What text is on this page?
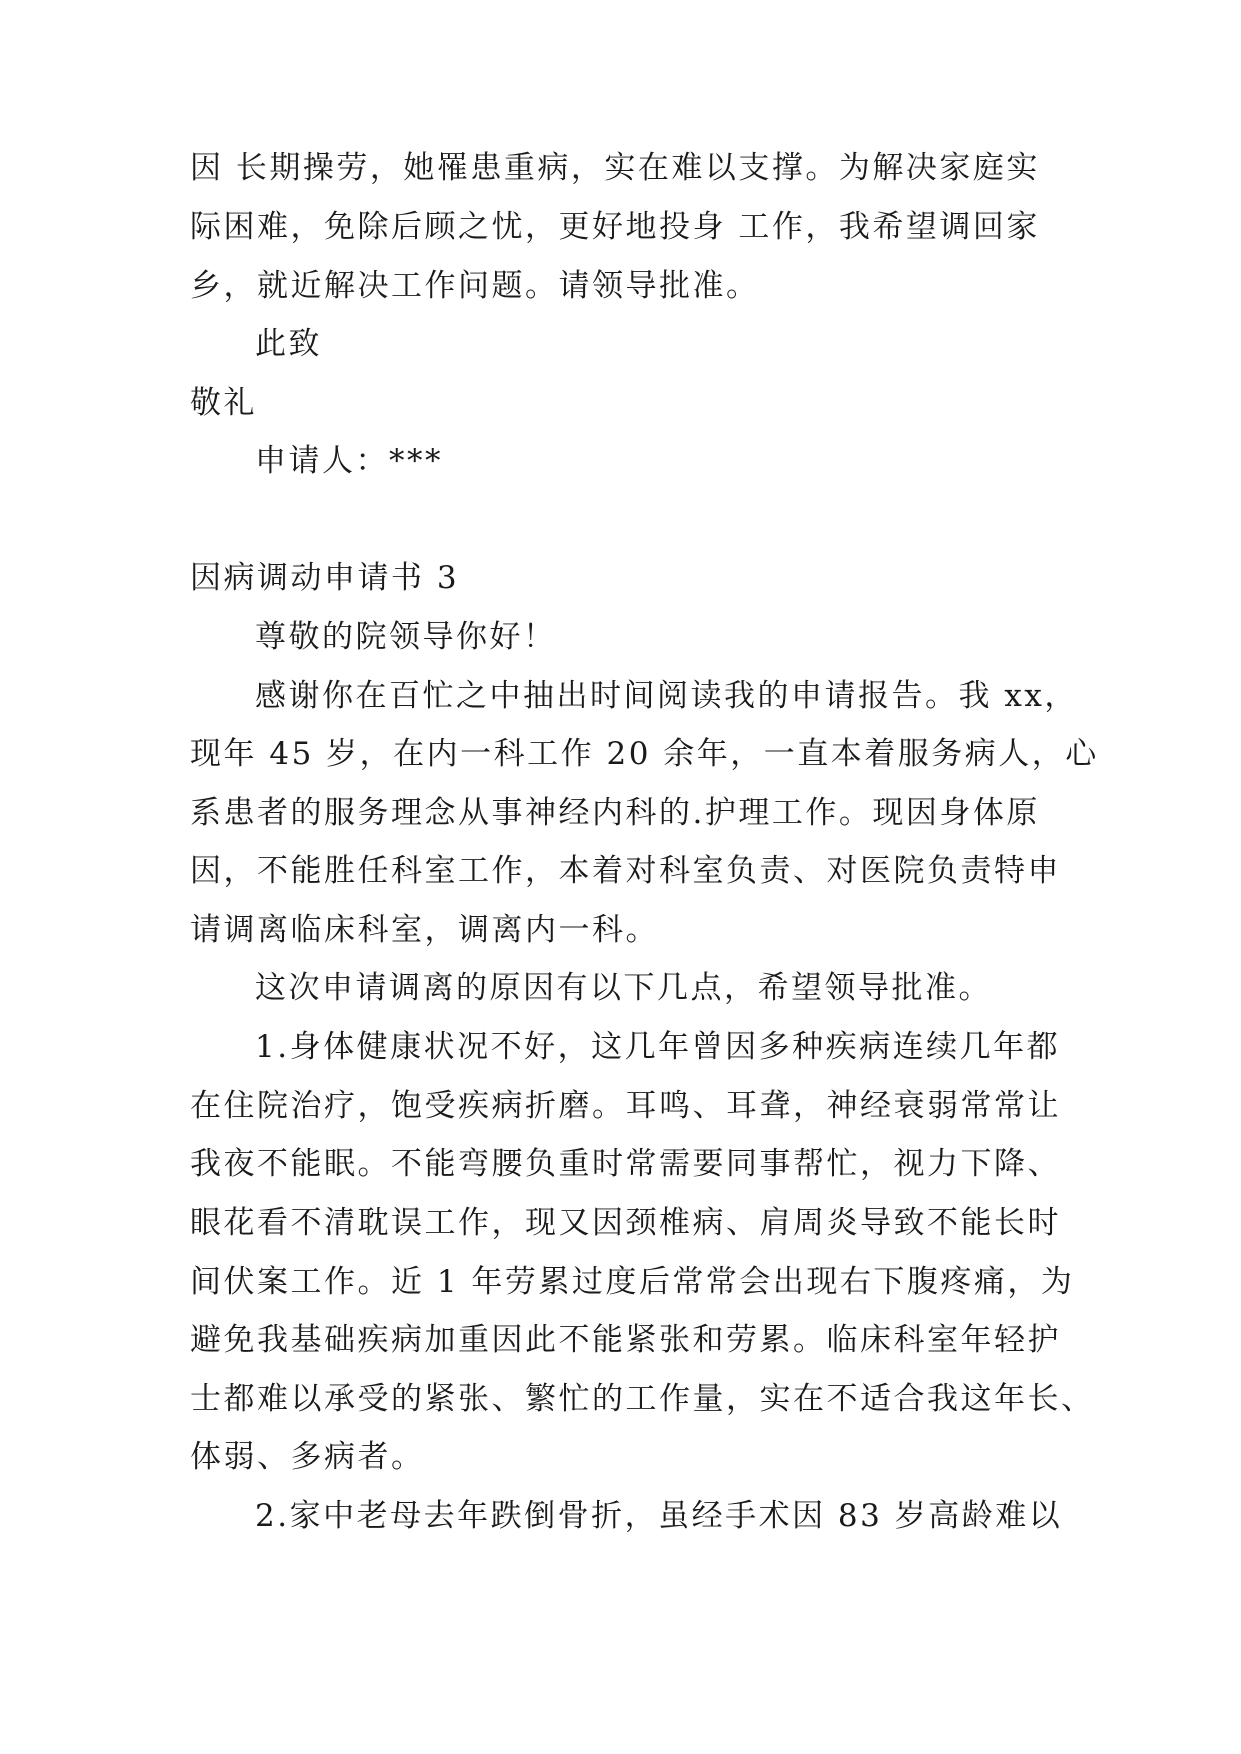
因 长期操劳，她罹患重病，实在难以支撑。为解决家庭实
际困难，免除后顾之忧，更好地投身 工作，我希望调回家
乡，就近解决工作问题。请领导批准。
此致
敬礼
申请人：***
因病调动申请书 3
尊敬的院领导你好！
感谢你在百忙之中抽出时间阅读我的申请报告。我 xx，
现年 45 岁，在内一科工作 20 余年，一直本着服务病人，心
系患者的服务理念从事神经内科的.护理工作。现因身体原
因，不能胜任科室工作，本着对科室负责、对医院负责特申
请调离临床科室，调离内一科。
这次申请调离的原因有以下几点，希望领导批准。
1.身体健康状况不好，这几年曾因多种疾病连续几年都
在住院治疗，饱受疾病折磨。耳鸣、耳聋，神经衰弱常常让
我夜不能眠。不能弯腰负重时常需要同事帮忙，视力下降、
眼花看不清耽误工作，现又因颈椎病、肩周炎导致不能长时
间伏案工作。近 1 年劳累过度后常常会出现右下腹疼痛，为
避免我基础疾病加重因此不能紧张和劳累。临床科室年轻护
士都难以承受的紧张、繁忙的工作量，实在不适合我这年长、
体弱、多病者。
2.家中老母去年跌倒骨折，虽经手术因 83 岁高龄难以
